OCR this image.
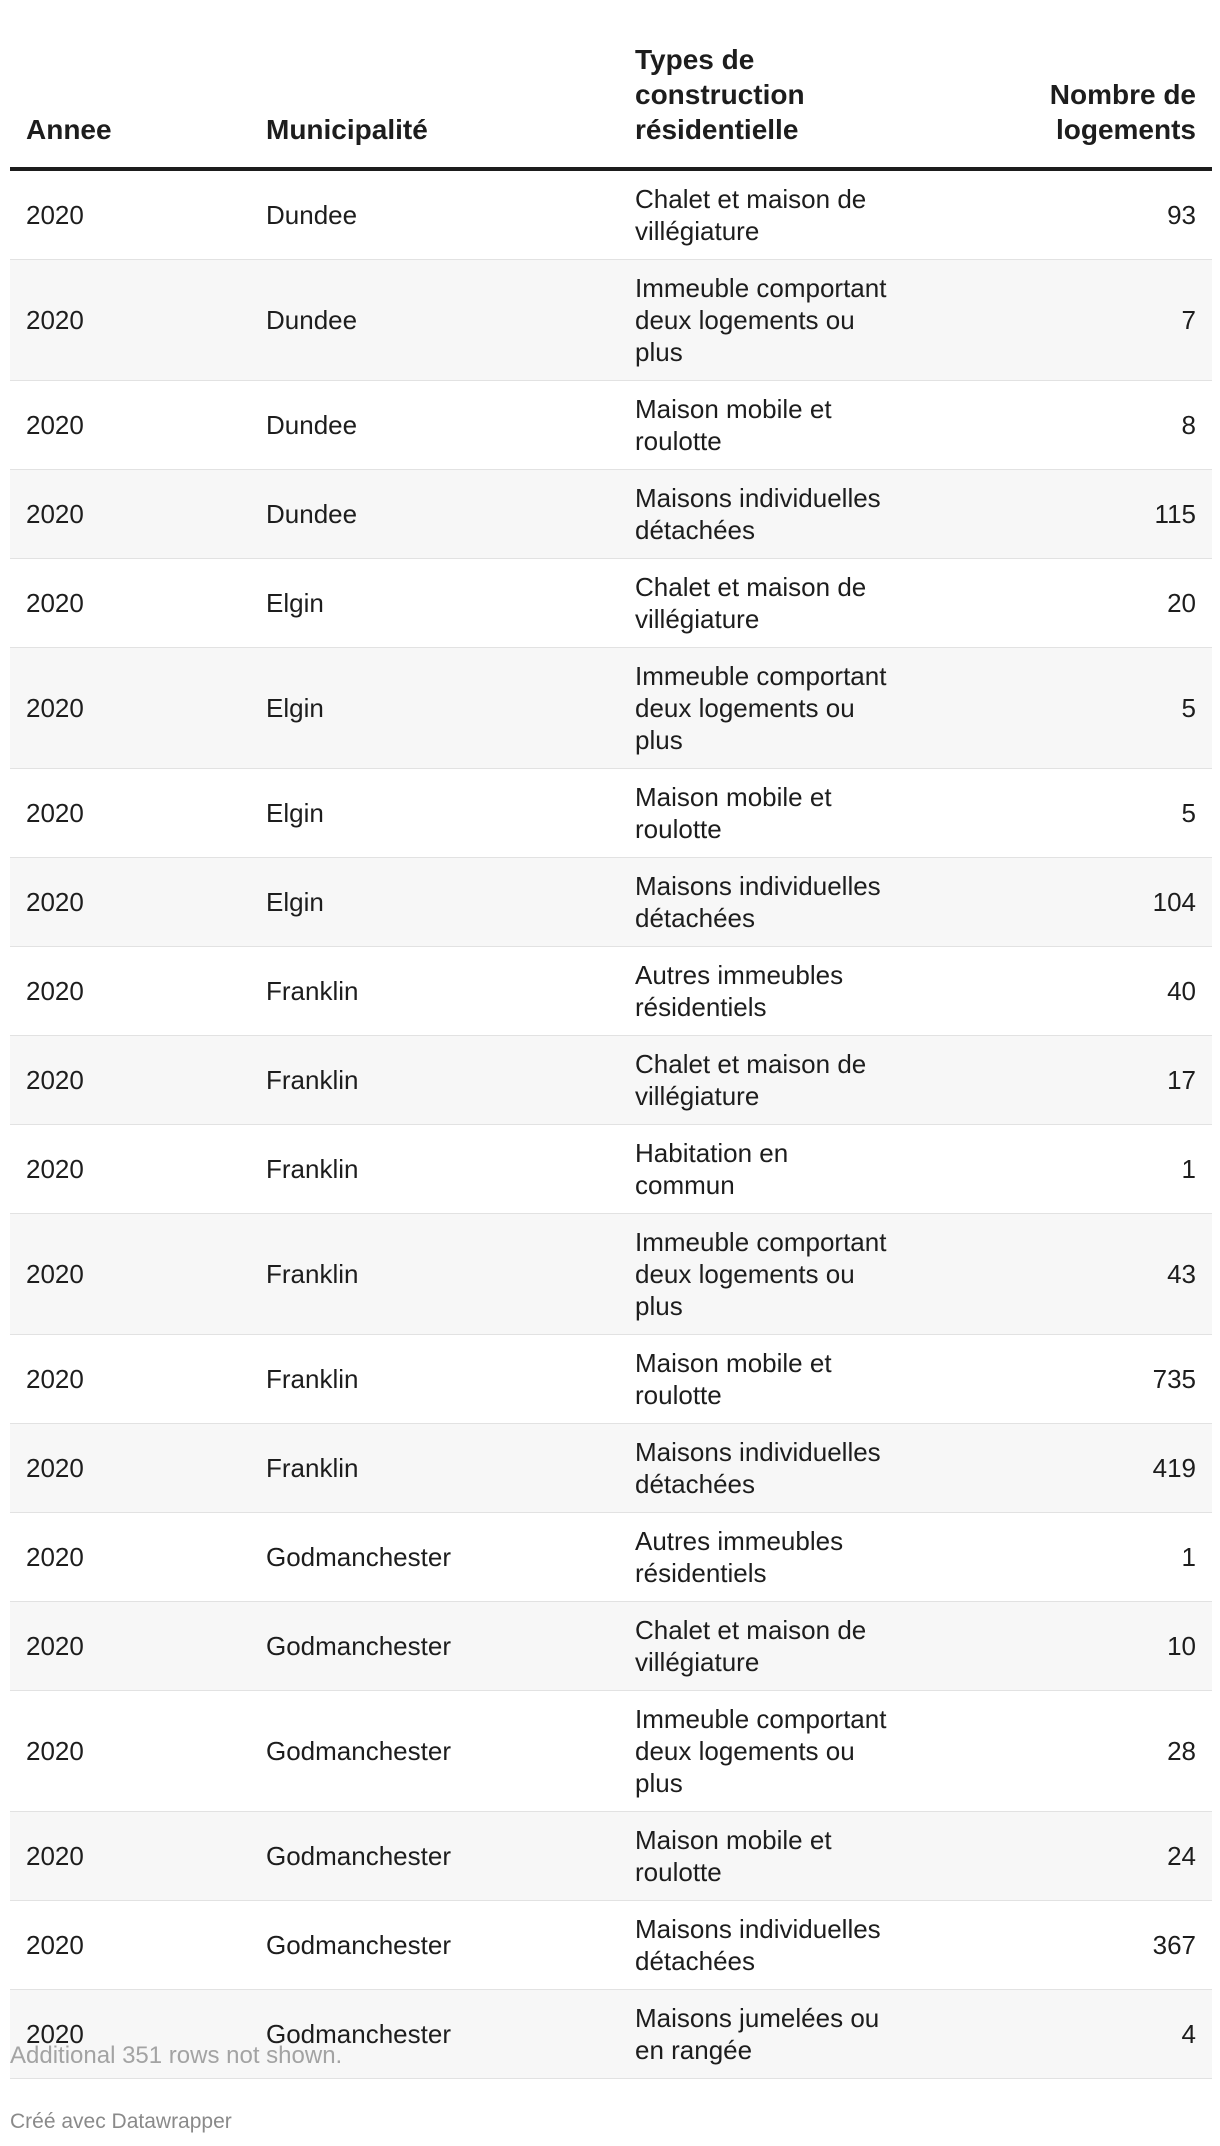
Annee	Municipalité	Types de construction résidentielle	Nombre de logements
2020	Dundee	Chalet et maison de villégiature	93
2020	Dundee	Immeuble comportant deux logements ou plus	7
2020	Dundee	Maison mobile et roulotte	8
2020	Dundee	Maisons individuelles détachées	115
2020	Elgin	Chalet et maison de villégiature	20
2020	Elgin	Immeuble comportant deux logements ou plus	5
2020	Elgin	Maison mobile et roulotte	5
2020	Elgin	Maisons individuelles détachées	104
2020	Franklin	Autres immeubles résidentiels	40
2020	Franklin	Chalet et maison de villégiature	17
2020	Franklin	Habitation en commun	1
2020	Franklin	Immeuble comportant deux logements ou plus	43
2020	Franklin	Maison mobile et roulotte	735
2020	Franklin	Maisons individuelles détachées	419
2020	Godmanchester	Autres immeubles résidentiels	1
2020	Godmanchester	Chalet et maison de villégiature	10
2020	Godmanchester	Immeuble comportant deux logements ou plus	28
2020	Godmanchester	Maison mobile et roulotte	24
2020	Godmanchester	Maisons individuelles détachées	367
2020	Godmanchester	Maisons jumelées ou en rangée	4
Additional 351 rows not shown.
Créé avec Datawrapper
